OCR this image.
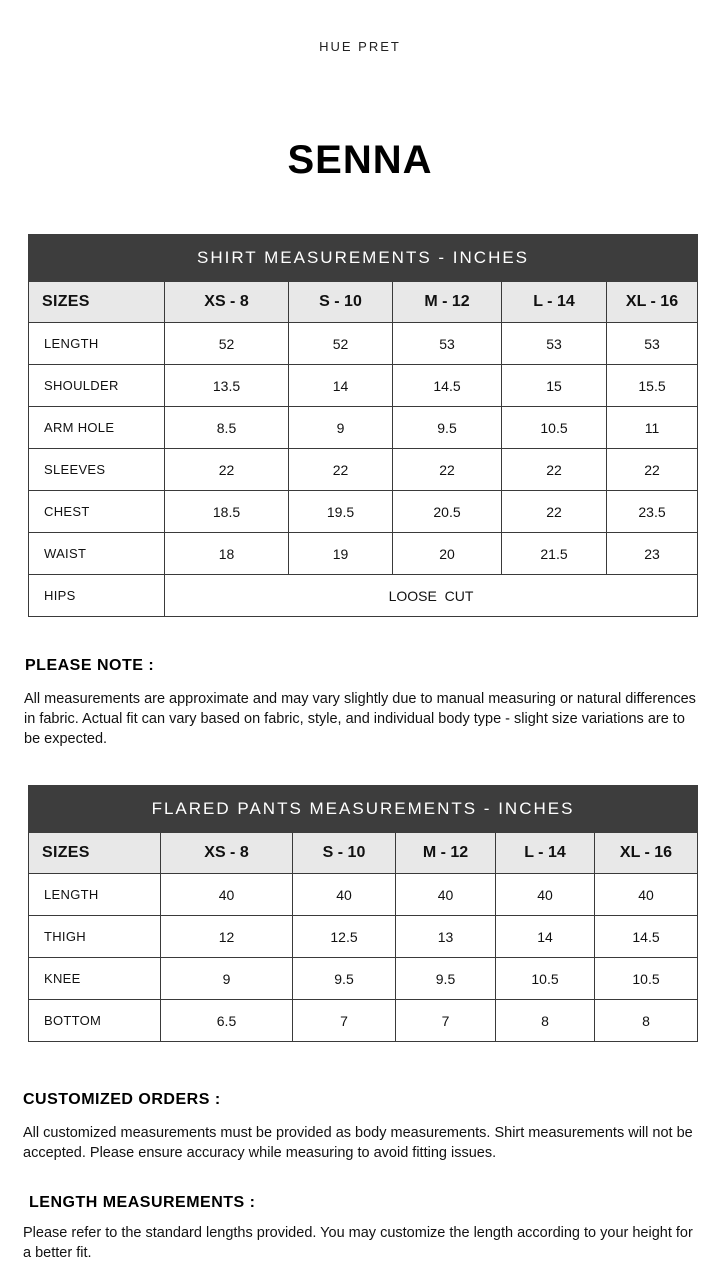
HUE PRET
SENNA
SHIRT MEASUREMENTS - INCHES					
SIZES	XS - 8	S - 10	M - 12	L - 14	XL - 16
LENGTH	52	52	53	53	53
SHOULDER	13.5	14	14.5	15	15.5
ARM HOLE	8.5	9	9.5	10.5	11
SLEEVES	22	22	22	22	22
CHEST	18.5	19.5	20.5	22	23.5
WAIST	18	19	20	21.5	23
HIPS	LOOSE  CUT				
PLEASE NOTE :
All measurements are approximate and may vary slightly due to manual measuring or natural differences in fabric. Actual fit can vary based on fabric, style, and individual body type - slight size variations are to be expected.
FLARED PANTS MEASUREMENTS - INCHES					
SIZES	XS - 8	S - 10	M - 12	L - 14	XL - 16
LENGTH	40	40	40	40	40
THIGH	12	12.5	13	14	14.5
KNEE	9	9.5	9.5	10.5	10.5
BOTTOM	6.5	7	7	8	8
CUSTOMIZED ORDERS :
All customized measurements must be provided as body measurements. Shirt measurements will not be accepted. Please ensure accuracy while measuring to avoid fitting issues.
LENGTH MEASUREMENTS :
Please refer to the standard lengths provided. You may customize the length according to your height for a better fit.
